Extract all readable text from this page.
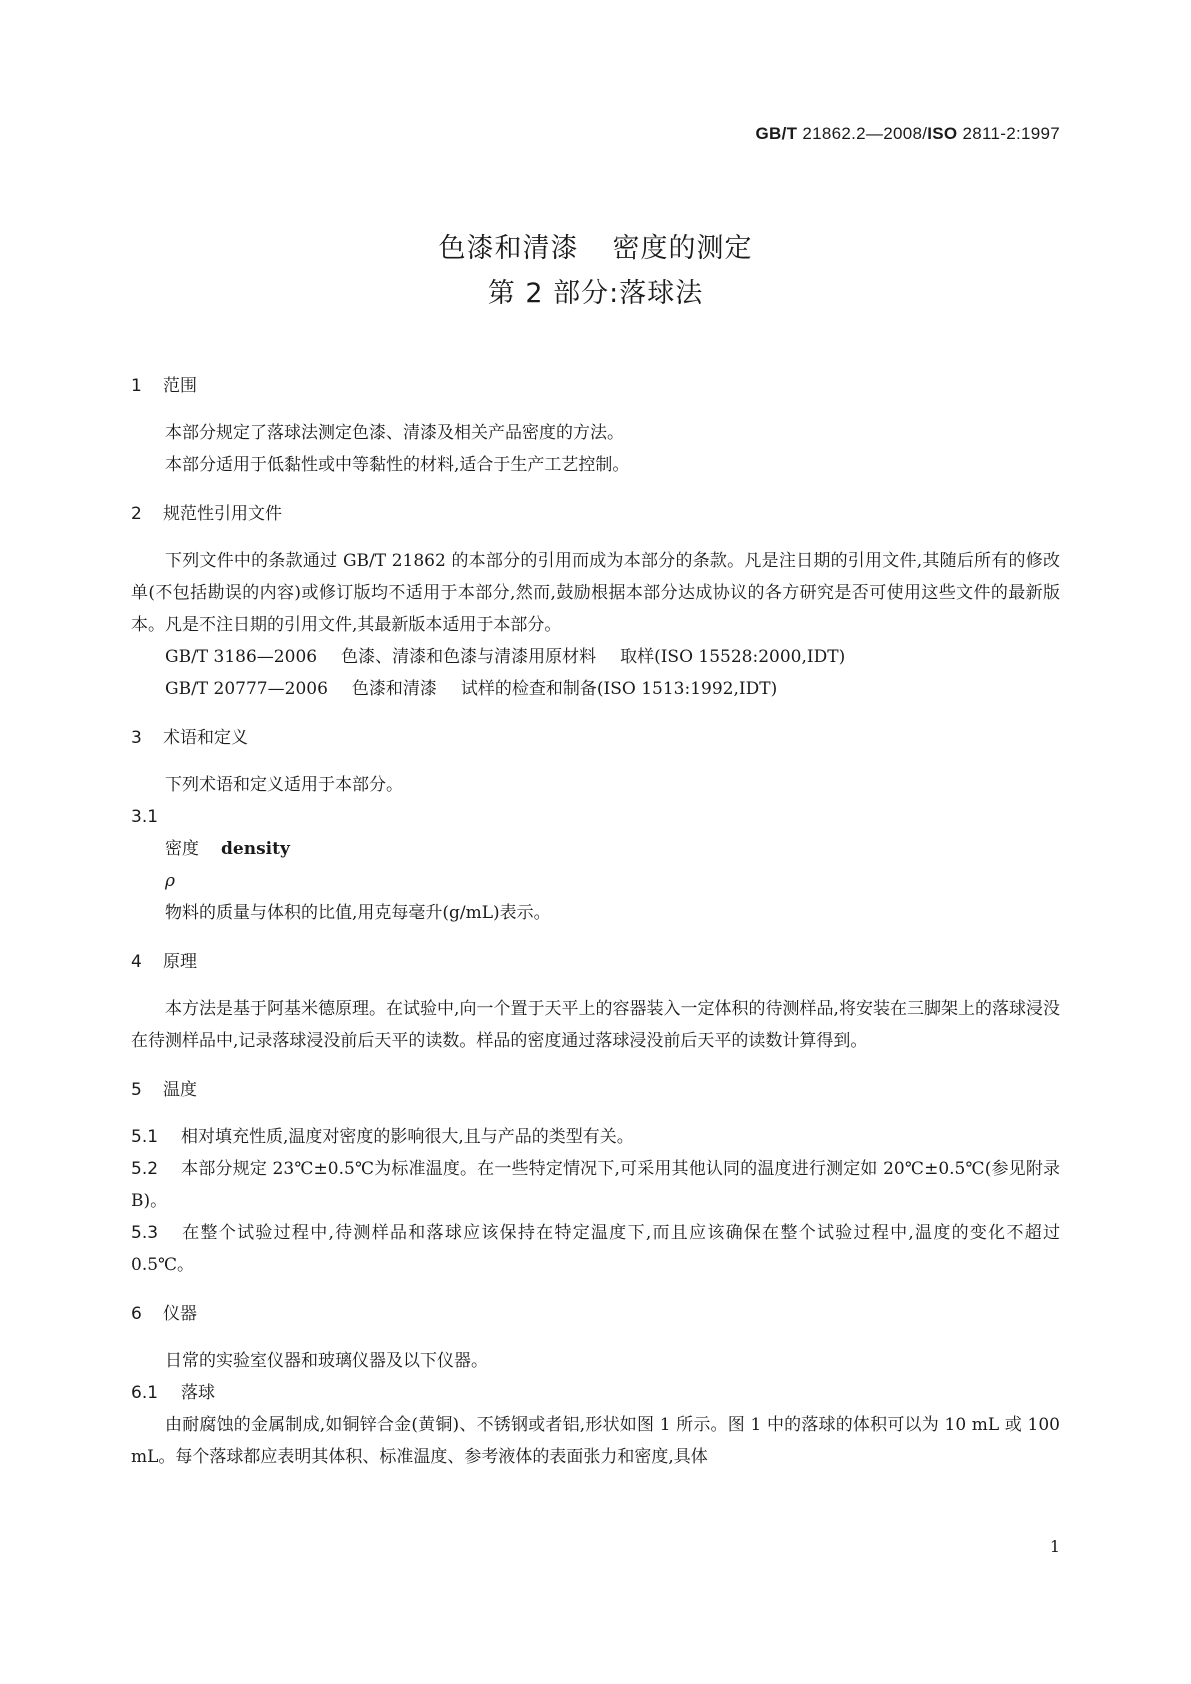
GB/T 21862.2—2008/ISO 2811-2:1997
色漆和清漆 密度的测定
第 2 部分:落球法
1 范围

本部分规定了落球法测定色漆、清漆及相关产品密度的方法。

本部分适用于低黏性或中等黏性的材料,适合于生产工艺控制。

2 规范性引用文件

下列文件中的条款通过 GB/T 21862 的本部分的引用而成为本部分的条款。凡是注日期的引用文件,其随后所有的修改单(不包括勘误的内容)或修订版均不适用于本部分,然而,鼓励根据本部分达成协议的各方研究是否可使用这些文件的最新版本。凡是不注日期的引用文件,其最新版本适用于本部分。

GB/T 3186—2006 色漆、清漆和色漆与清漆用原材料 取样(ISO 15528:2000,IDT)

GB/T 20777—2006 色漆和清漆 试样的检查和制备(ISO 1513:1992,IDT)

3 术语和定义

下列术语和定义适用于本部分。

3.1

密度 density

ρ

物料的质量与体积的比值,用克每毫升(g/mL)表示。

4 原理

本方法是基于阿基米德原理。在试验中,向一个置于天平上的容器装入一定体积的待测样品,将安装在三脚架上的落球浸没在待测样品中,记录落球浸没前后天平的读数。样品的密度通过落球浸没前后天平的读数计算得到。

5 温度

5.1 相对填充性质,温度对密度的影响很大,且与产品的类型有关。

5.2 本部分规定 23℃±0.5℃为标准温度。在一些特定情况下,可采用其他认同的温度进行测定如 20℃±0.5℃(参见附录 B)。

5.3 在整个试验过程中,待测样品和落球应该保持在特定温度下,而且应该确保在整个试验过程中,温度的变化不超过 0.5℃。

6 仪器

日常的实验室仪器和玻璃仪器及以下仪器。

6.1 落球

由耐腐蚀的金属制成,如铜锌合金(黄铜)、不锈钢或者铝,形状如图 1 所示。图 1 中的落球的体积可以为 10 mL 或 100 mL。每个落球都应表明其体积、标准温度、参考液体的表面张力和密度,具体

1
